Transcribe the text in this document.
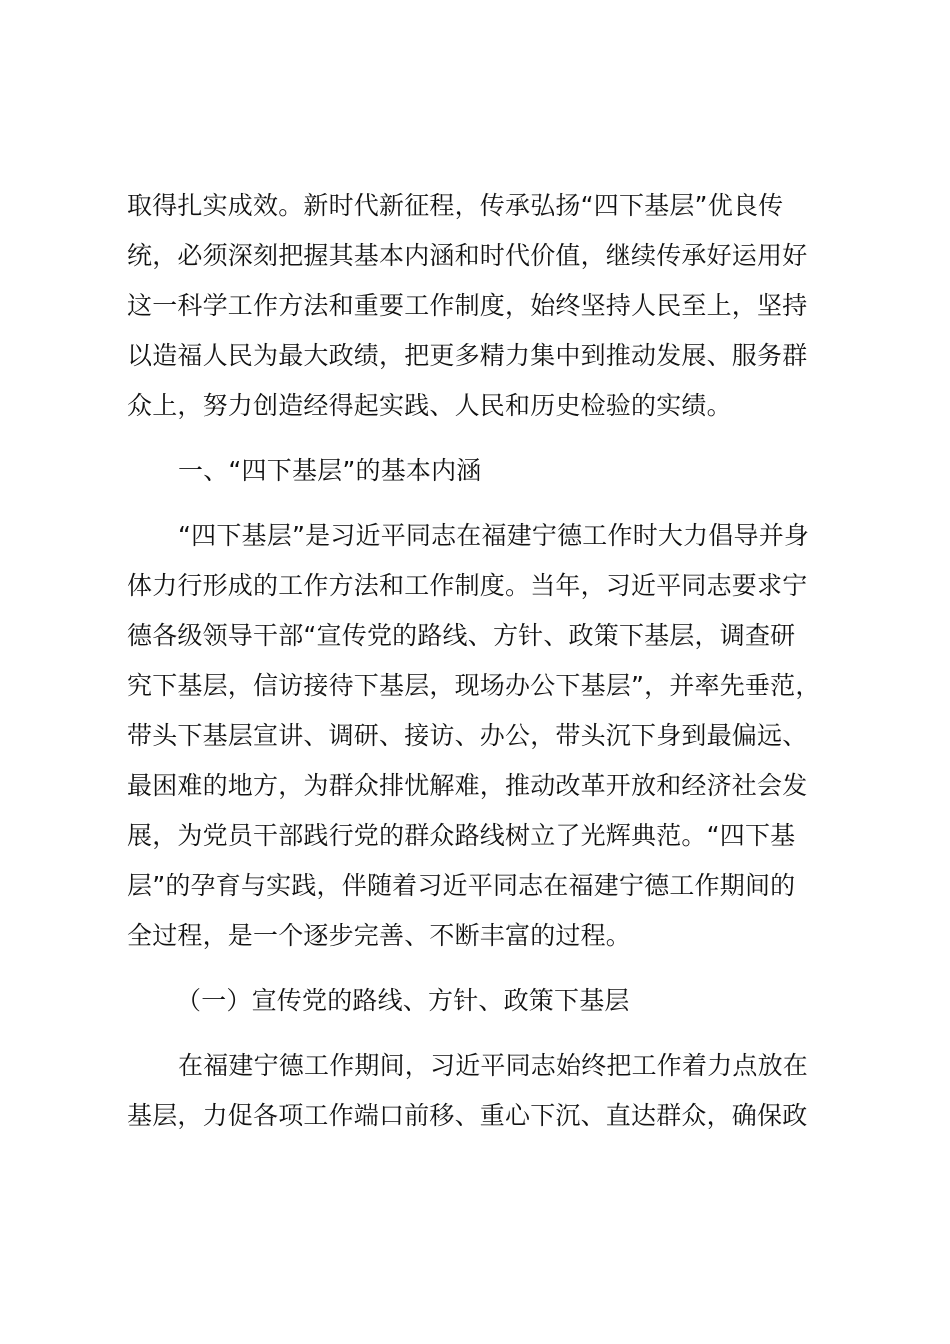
取得扎实成效。新时代新征程，传承弘扬“四下基层”优良传
统，必须深刻把握其基本内涵和时代价值，继续传承好运用好
这一科学工作方法和重要工作制度，始终坚持人民至上，坚持
以造福人民为最大政绩，把更多精力集中到推动发展、服务群
众上，努力创造经得起实践、人民和历史检验的实绩。
一、“四下基层”的基本内涵
“四下基层”是习近平同志在福建宁德工作时大力倡导并身
体力行形成的工作方法和工作制度。当年，习近平同志要求宁
德各级领导干部“宣传党的路线、方针、政策下基层，调查研
究下基层，信访接待下基层，现场办公下基层”，并率先垂范，
带头下基层宣讲、调研、接访、办公，带头沉下身到最偏远、
最困难的地方，为群众排忧解难，推动改革开放和经济社会发
展，为党员干部践行党的群众路线树立了光辉典范。“四下基
层”的孕育与实践，伴随着习近平同志在福建宁德工作期间的
全过程，是一个逐步完善、不断丰富的过程。
（一）宣传党的路线、方针、政策下基层
在福建宁德工作期间，习近平同志始终把工作着力点放在
基层，力促各项工作端口前移、重心下沉、直达群众，确保政
